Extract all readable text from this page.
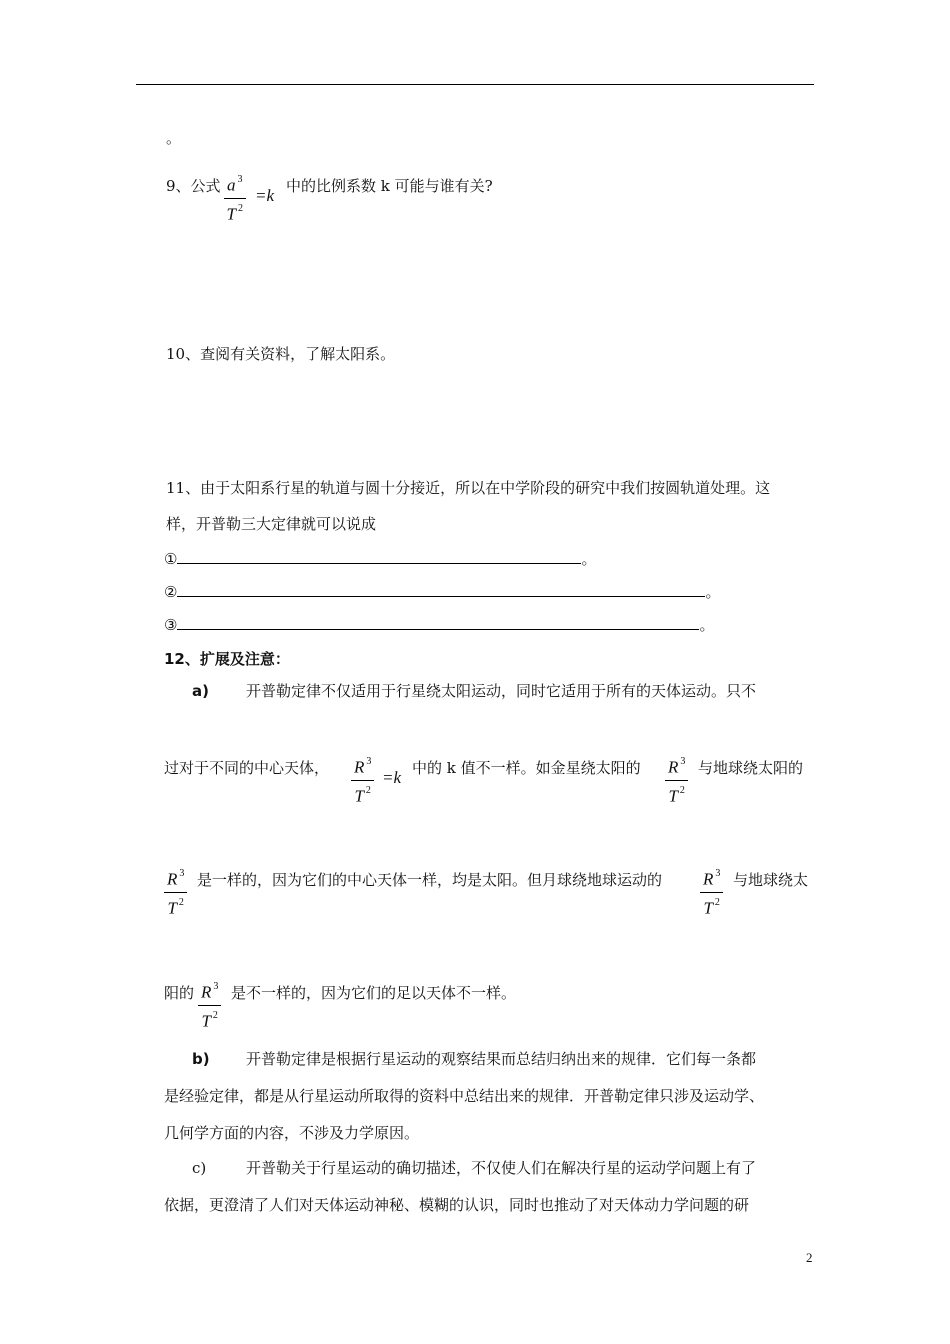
。
9、公式 $\frac{a ^3}{T ^2} =k$ 中的比例系数 k 可能与谁有关?
10、查阅有关资料，了解太阳系。
11、由于太阳系行星的轨道与圆十分接近，所以在中学阶段的研究中我们按圆轨道处理。这
样，开普勒三大定律就可以说成
①	。
②	。
③	。
12、扩展及注意：
a) 开普勒定律不仅适用于行星绕太阳运动，同时它适用于所有的天体运动。只不
过对于不同的中心天体， $\frac{R ^3}{T ^2} =k$ 中的 k 值不一样。如金星绕太阳的 $\frac{R ^3}{T ^2}$ 与地球绕太阳的
$\frac{R ^3}{T ^2}$ 是一样的，因为它们的中心天体一样，均是太阳。但月球绕地球运动的 $\frac{R ^3}{T ^2}$ 与地球绕太
阳的 $\frac{R ^3}{T ^2}$ 是不一样的，因为它们的足以天体不一样。
b) 开普勒定律是根据行星运动的观察结果而总结归纳出来的规律．它们每一条都
是经验定律，都是从行星运动所取得的资料中总结出来的规律．开普勒定律只涉及运动学、
几何学方面的内容，不涉及力学原因。
c)	开普勒关于行星运动的确切描述，不仅使人们在解决行星的运动学问题上有了
依据，更澄清了人们对天体运动神秘、模糊的认识，同时也推动了对天体动力学问题的研
2
